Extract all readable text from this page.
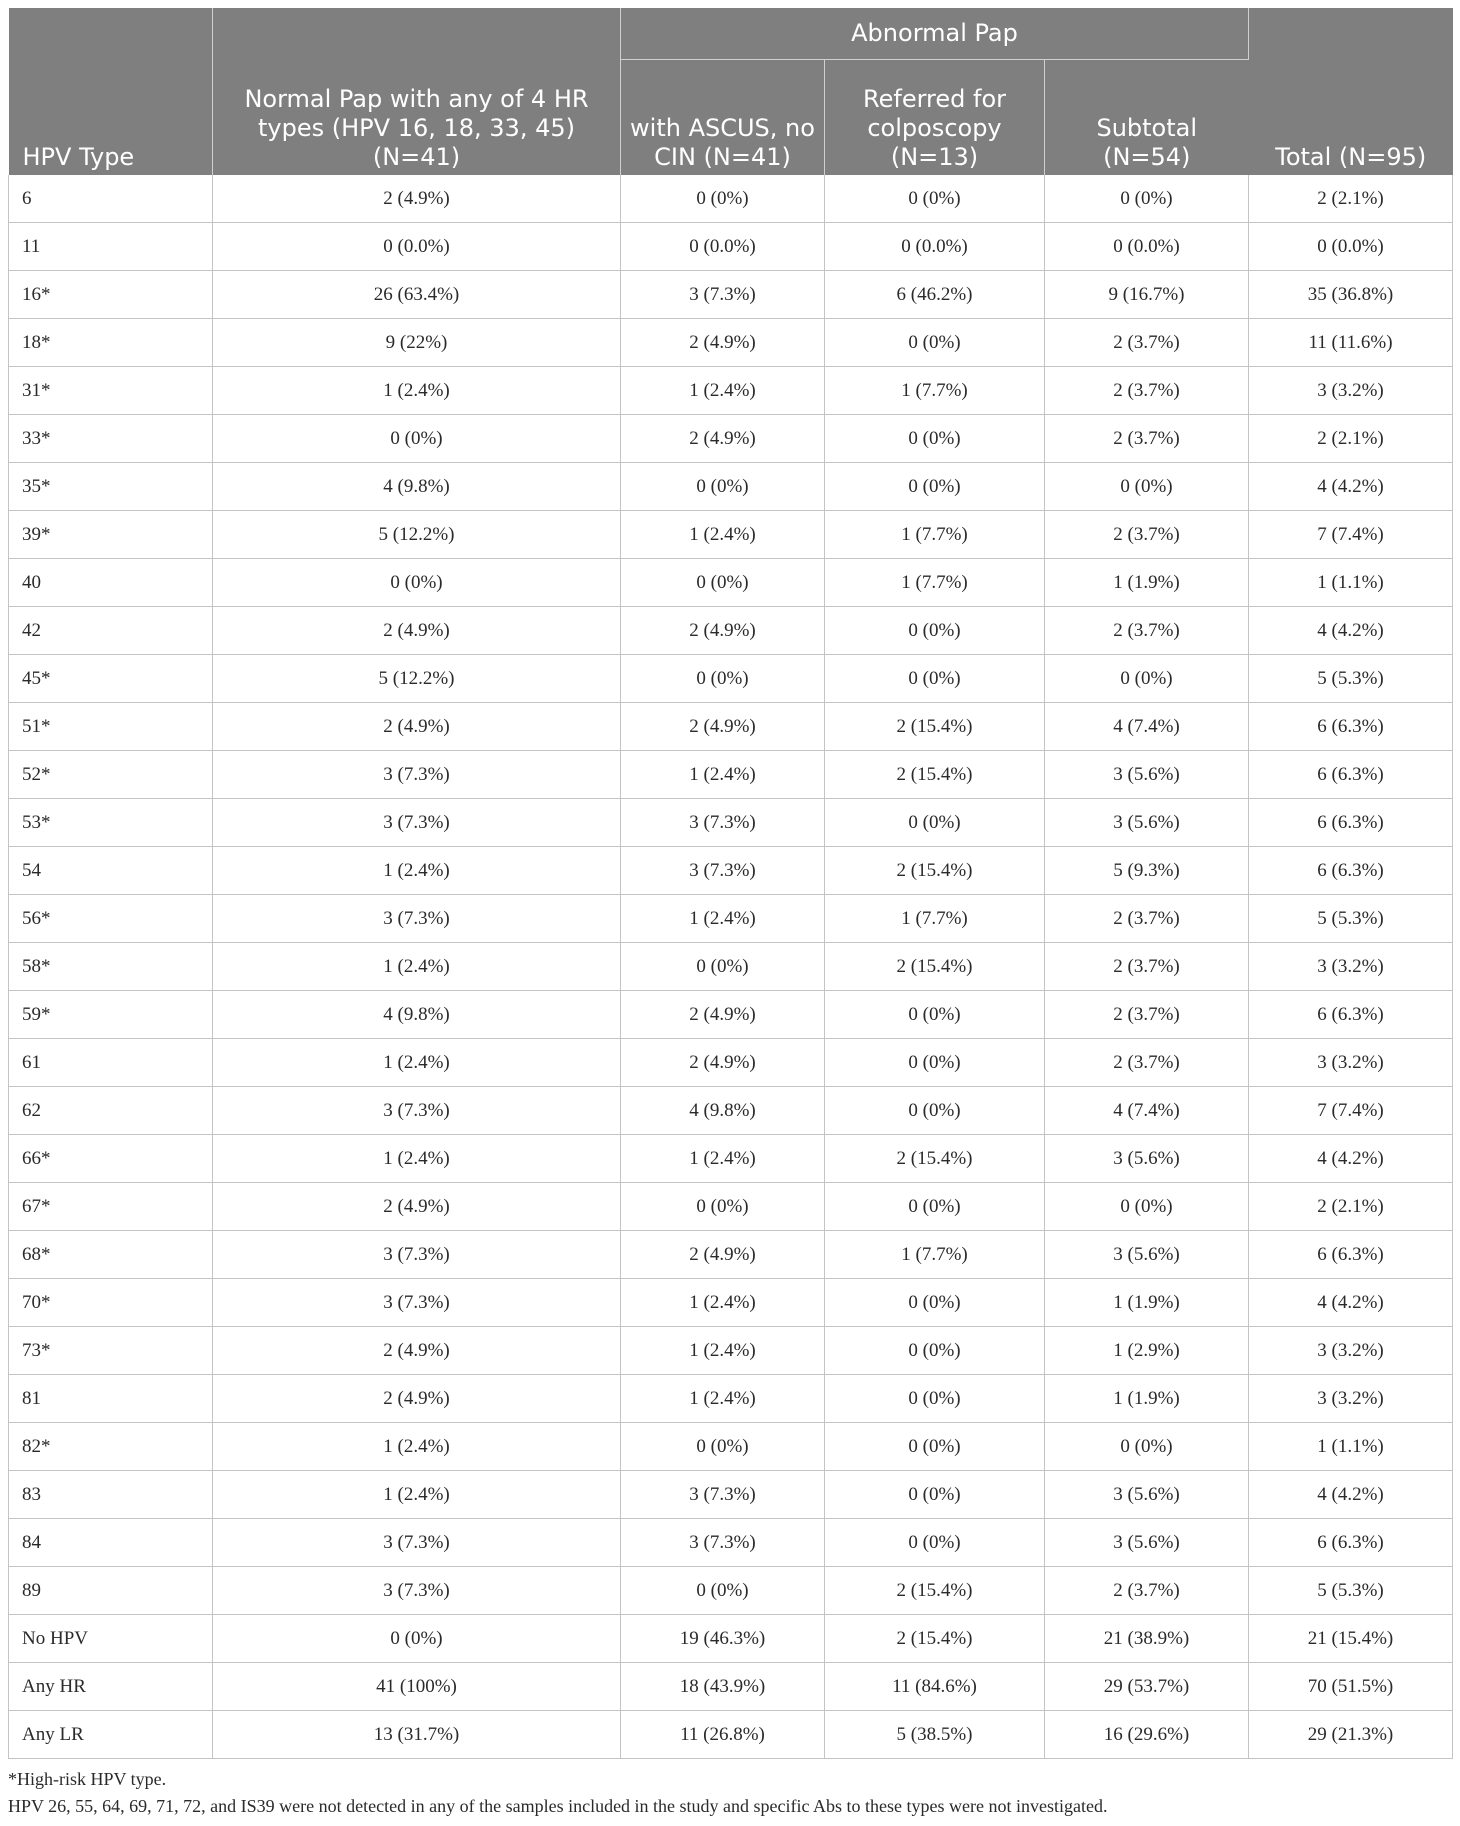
HPV Type	Normal Pap with any of 4 HR types (HPV 16, 18, 33, 45) (N=41)	Abnormal Pap			Total (N=95)
		with ASCUS, no CIN (N=41)	Referred for colposcopy (N=13)	Subtotal (N=54)	
6	2 (4.9%)	0 (0%)	0 (0%)	0 (0%)	2 (2.1%)
11	0 (0.0%)	0 (0.0%)	0 (0.0%)	0 (0.0%)	0 (0.0%)
16*	26 (63.4%)	3 (7.3%)	6 (46.2%)	9 (16.7%)	35 (36.8%)
18*	9 (22%)	2 (4.9%)	0 (0%)	2 (3.7%)	11 (11.6%)
31*	1 (2.4%)	1 (2.4%)	1 (7.7%)	2 (3.7%)	3 (3.2%)
33*	0 (0%)	2 (4.9%)	0 (0%)	2 (3.7%)	2 (2.1%)
35*	4 (9.8%)	0 (0%)	0 (0%)	0 (0%)	4 (4.2%)
39*	5 (12.2%)	1 (2.4%)	1 (7.7%)	2 (3.7%)	7 (7.4%)
40	0 (0%)	0 (0%)	1 (7.7%)	1 (1.9%)	1 (1.1%)
42	2 (4.9%)	2 (4.9%)	0 (0%)	2 (3.7%)	4 (4.2%)
45*	5 (12.2%)	0 (0%)	0 (0%)	0 (0%)	5 (5.3%)
51*	2 (4.9%)	2 (4.9%)	2 (15.4%)	4 (7.4%)	6 (6.3%)
52*	3 (7.3%)	1 (2.4%)	2 (15.4%)	3 (5.6%)	6 (6.3%)
53*	3 (7.3%)	3 (7.3%)	0 (0%)	3 (5.6%)	6 (6.3%)
54	1 (2.4%)	3 (7.3%)	2 (15.4%)	5 (9.3%)	6 (6.3%)
56*	3 (7.3%)	1 (2.4%)	1 (7.7%)	2 (3.7%)	5 (5.3%)
58*	1 (2.4%)	0 (0%)	2 (15.4%)	2 (3.7%)	3 (3.2%)
59*	4 (9.8%)	2 (4.9%)	0 (0%)	2 (3.7%)	6 (6.3%)
61	1 (2.4%)	2 (4.9%)	0 (0%)	2 (3.7%)	3 (3.2%)
62	3 (7.3%)	4 (9.8%)	0 (0%)	4 (7.4%)	7 (7.4%)
66*	1 (2.4%)	1 (2.4%)	2 (15.4%)	3 (5.6%)	4 (4.2%)
67*	2 (4.9%)	0 (0%)	0 (0%)	0 (0%)	2 (2.1%)
68*	3 (7.3%)	2 (4.9%)	1 (7.7%)	3 (5.6%)	6 (6.3%)
70*	3 (7.3%)	1 (2.4%)	0 (0%)	1 (1.9%)	4 (4.2%)
73*	2 (4.9%)	1 (2.4%)	0 (0%)	1 (2.9%)	3 (3.2%)
81	2 (4.9%)	1 (2.4%)	0 (0%)	1 (1.9%)	3 (3.2%)
82*	1 (2.4%)	0 (0%)	0 (0%)	0 (0%)	1 (1.1%)
83	1 (2.4%)	3 (7.3%)	0 (0%)	3 (5.6%)	4 (4.2%)
84	3 (7.3%)	3 (7.3%)	0 (0%)	3 (5.6%)	6 (6.3%)
89	3 (7.3%)	0 (0%)	2 (15.4%)	2 (3.7%)	5 (5.3%)
No HPV	0 (0%)	19 (46.3%)	2 (15.4%)	21 (38.9%)	21 (15.4%)
Any HR	41 (100%)	18 (43.9%)	11 (84.6%)	29 (53.7%)	70 (51.5%)
Any LR	13 (31.7%)	11 (26.8%)	5 (38.5%)	16 (29.6%)	29 (21.3%)
*High-risk HPV type.
HPV 26, 55, 64, 69, 71, 72, and IS39 were not detected in any of the samples included in the study and specific Abs to these types were not investigated.
